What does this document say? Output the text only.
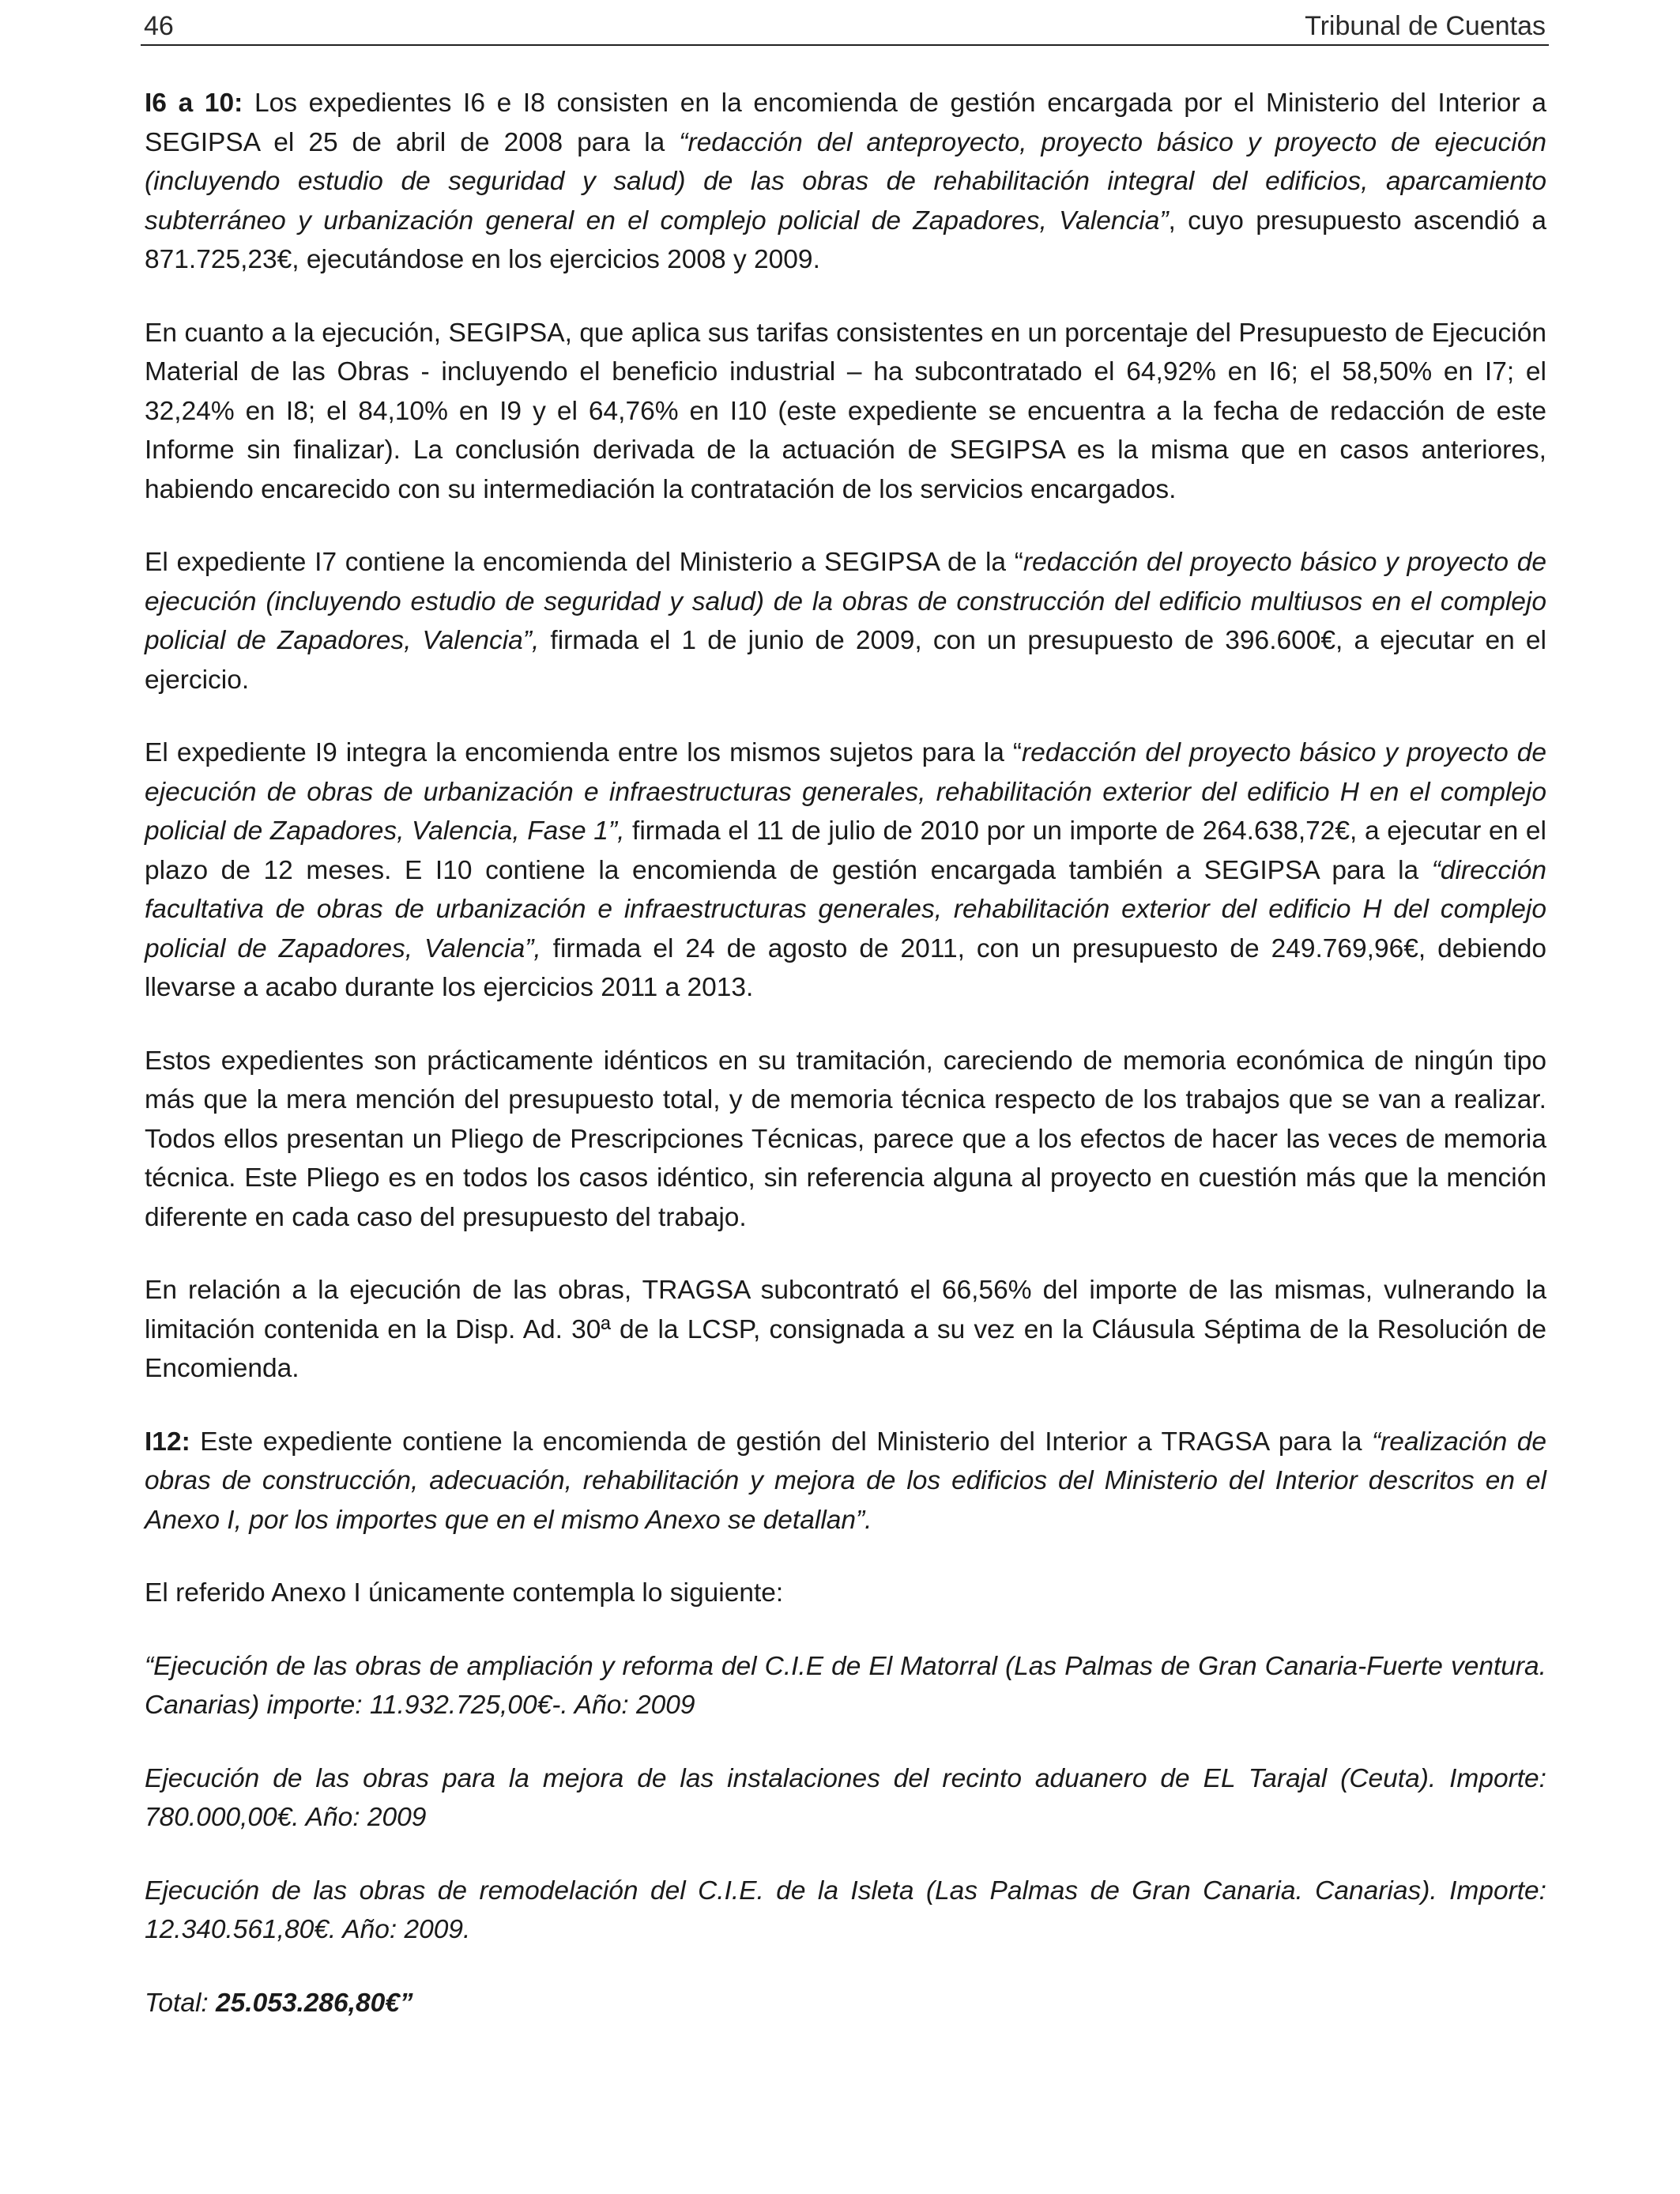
46	Tribunal de Cuentas

I6 a 10: Los expedientes I6 e I8 consisten en la encomienda de gestión encargada por el Ministerio del Interior a SEGIPSA el 25 de abril de 2008 para la “redacción del anteproyecto, proyecto básico y proyecto de ejecución (incluyendo estudio de seguridad y salud) de las obras de rehabilitación integral del edificios, aparcamiento subterráneo y urbanización general en el complejo policial de Zapadores, Valencia”, cuyo presupuesto ascendió a 871.725,23€, ejecutándose en los ejercicios 2008 y 2009.

En cuanto a la ejecución, SEGIPSA, que aplica sus tarifas consistentes en un porcentaje del Presupuesto de Ejecución Material de las Obras - incluyendo el beneficio industrial – ha subcontratado el 64,92% en I6; el 58,50% en I7; el 32,24% en I8; el 84,10% en I9 y el 64,76% en I10 (este expediente se encuentra a la fecha de redacción de este Informe sin finalizar). La conclusión derivada de la actuación de SEGIPSA es la misma que en casos anteriores, habiendo encarecido con su intermediación la contratación de los servicios encargados.

El expediente I7 contiene la encomienda del Ministerio a SEGIPSA de la “redacción del proyecto básico y proyecto de ejecución (incluyendo estudio de seguridad y salud) de la obras de construcción del edificio multiusos en el complejo policial de Zapadores, Valencia”, firmada el 1 de junio de 2009, con un presupuesto de 396.600€, a ejecutar en el ejercicio.

El expediente I9 integra la encomienda entre los mismos sujetos para la “redacción del proyecto básico y proyecto de ejecución de obras de urbanización e infraestructuras generales, rehabilitación exterior del edificio H en el complejo policial de Zapadores, Valencia, Fase 1”, firmada el 11 de julio de 2010 por un importe de 264.638,72€, a ejecutar en el plazo de 12 meses. E I10 contiene la encomienda de gestión encargada también a SEGIPSA para la “dirección facultativa de obras de urbanización e infraestructuras generales, rehabilitación exterior del edificio H del complejo policial de Zapadores, Valencia”, firmada el 24 de agosto de 2011, con un presupuesto de 249.769,96€, debiendo llevarse a acabo durante los ejercicios 2011 a 2013.

Estos expedientes son prácticamente idénticos en su tramitación, careciendo de memoria económica de ningún tipo más que la mera mención del presupuesto total, y de memoria técnica respecto de los trabajos que se van a realizar. Todos ellos presentan un Pliego de Prescripciones Técnicas, parece que a los efectos de hacer las veces de memoria técnica. Este Pliego es en todos los casos idéntico, sin referencia alguna al proyecto en cuestión más que la mención diferente en cada caso del presupuesto del trabajo.

En relación a la ejecución de las obras, TRAGSA subcontrató el 66,56% del importe de las mismas, vulnerando la limitación contenida en la Disp. Ad. 30ª de la LCSP, consignada a su vez en la Cláusula Séptima de la Resolución de Encomienda.

I12: Este expediente contiene la encomienda de gestión del Ministerio del Interior a TRAGSA para la “realización de obras de construcción, adecuación, rehabilitación y mejora de los edificios del Ministerio del Interior descritos en el Anexo I, por los importes que en el mismo Anexo se detallan”.

El referido Anexo I únicamente contempla lo siguiente:

“Ejecución de las obras de ampliación y reforma del C.I.E de El Matorral (Las Palmas de Gran Canaria-Fuerte ventura. Canarias) importe: 11.932.725,00€-. Año: 2009

Ejecución de las obras para la mejora de las instalaciones del recinto aduanero de EL Tarajal (Ceuta). Importe: 780.000,00€. Año: 2009

Ejecución de las obras de remodelación del C.I.E. de la Isleta (Las Palmas de Gran Canaria. Canarias). Importe: 12.340.561,80€. Año: 2009.

Total: 25.053.286,80€”
